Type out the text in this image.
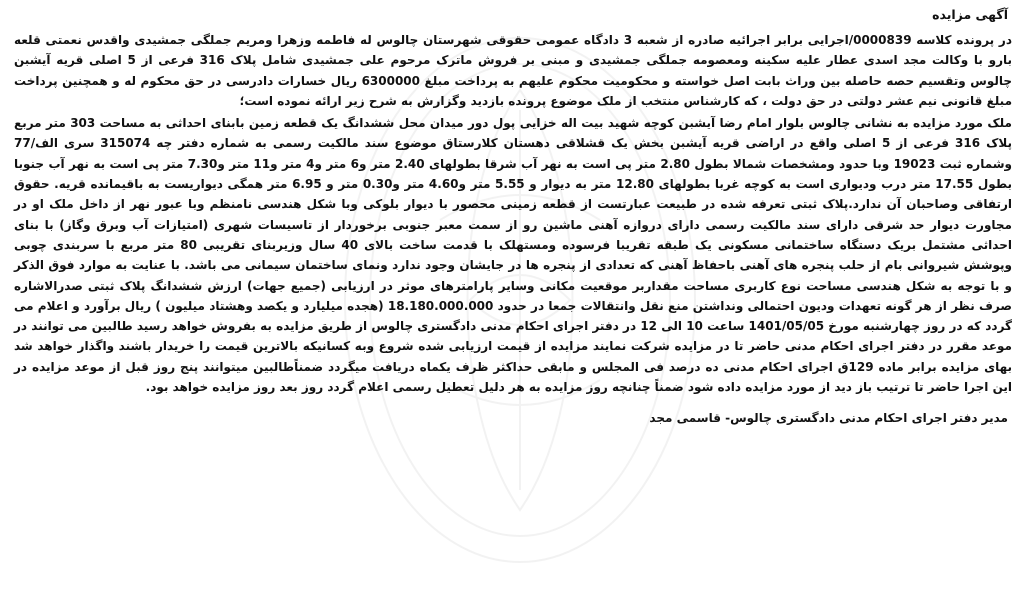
آگهی مزایده

در پرونده کلاسه 0000839/اجرایی برابر اجرائیه صادره از شعبه 3 دادگاه عمومی حقوقی شهرستان چالوس له فاطمه وزهرا ومریم جملگی جمشیدی واقدس نعمتی قلعه بارو با وکالت مجد اسدی عطار علیه سکینه ومعصومه جملگی جمشیدی و مبنی بر فروش ماترک مرحوم علی جمشیدی شامل پلاک 316 فرعی از 5 اصلی قریه آیشبن چالوس وتقسیم حصه حاصله بین وراث بابت اصل خواسته و محکومیت محکوم علیهم به پرداخت مبلغ 6300000 ریال خسارات دادرسی در حق محکوم له و همچنین پرداخت مبلغ قانونی نیم عشر دولتی در حق دولت ، که کارشناس منتخب از ملک موضوع پرونده بازدید وگزارش به شرح زیر ارائه نموده است؛

ملک مورد مزایده به نشانی چالوس بلوار امام رضا آیشبن کوچه شهید بیت اله خزایی پول دور میدان محل ششدانگ یک قطعه زمین بابنای احداثی به مساحت 303 متر مربع پلاک 316 فرعی از 5 اصلی واقع در اراضی قریه آیشبن بخش یک قشلاقی دهستان کلارستاق موضوع سند مالکیت رسمی به شماره دفتر چه 315074 سری الف/77 وشماره ثبت 19023 وبا حدود ومشخصات شمالا بطول 2.80 متر پی است به نهر آب شرقا بطولهای 2.40 متر و6 متر و4 متر و11 متر و7.30 متر پی است به نهر آب جنوبا بطول 17.55 متر درب ودیواری است به کوچه غربا بطولهای 12.80 متر به دیوار و 5.55 متر و4.60 متر و0.30 متر و 6.95 متر همگی دیواریست به باقیمانده قریه. حقوق ارتفاقی وصاحبان آن ندارد.پلاک ثبتی تعرفه شده در طبیعت عبارتست از قطعه زمینی محصور با دیوار بلوکی وبا شکل هندسی نامنظم وبا عبور نهر از داخل ملک او در مجاورت دیوار حد شرقی دارای سند مالکیت رسمی دارای دروازه آهنی ماشین رو از سمت معبر جنوبی برخوردار از تاسیسات شهری (امتیازات آب وبرق وگاز) با بنای احداثی مشتمل بریک دستگاه ساختمانی مسکونی یک طبقه تقریبا فرسوده ومستهلک با قدمت ساخت بالای 40 سال وزیربنای تقریبی 80 متر مربع با سربندی چوبی وپوشش شیروانی بام از حلب پنجره های آهنی باحفاظ آهنی که تعدادی از پنجره ها در جایشان وجود ندارد ونمای ساختمان سیمانی می باشد. با عنایت به موارد فوق الذکر و با توجه به شکل هندسی مساحت نوع کاربری مساحت مقداربر موقعیت مکانی وسایر پارامترهای موثر در ارزیابی (جمیع جهات) ارزش ششدانگ پلاک ثبتی صدرالاشاره صرف نظر از هر گونه تعهدات ودیون احتمالی ونداشتن منع نقل وانتقالات جمعا در حدود 18.180.000.000 (هجده میلیارد و یکصد وهشتاد میلیون ) ریال برآورد و اعلام می گردد که در روز چهارشنبه مورخ 1401/05/05 ساعت 10 الی 12 در دفتر اجرای احکام مدنی دادگستری چالوس از طریق مزایده به بفروش خواهد رسید طالبین می توانند در موعد مقرر در دفتر اجرای احکام مدنی حاضر تا در مزایده شرکت نمایند مزایده از قیمت ارزیابی شده شروع وبه کسانیکه بالاترین قیمت را خریدار باشند واگذار خواهد شد بهای مزایده برابر ماده 129ق اجرای احکام مدنی ده درصد فی المجلس و مابقی حداکثر ظرف یکماه دریافت میگردد ضمناًطالبین میتوانند پنج روز قبل از موعد مزایده در این اجرا حاضر تا ترتیب باز دید از مورد مزایده داده شود ضمناً چنانچه روز مزایده به هر دلیل تعطیل رسمی اعلام گردد روز بعد روز مزایده خواهد بود.

مدیر دفتر اجرای احکام مدنی دادگستری چالوس- قاسمی مجد
